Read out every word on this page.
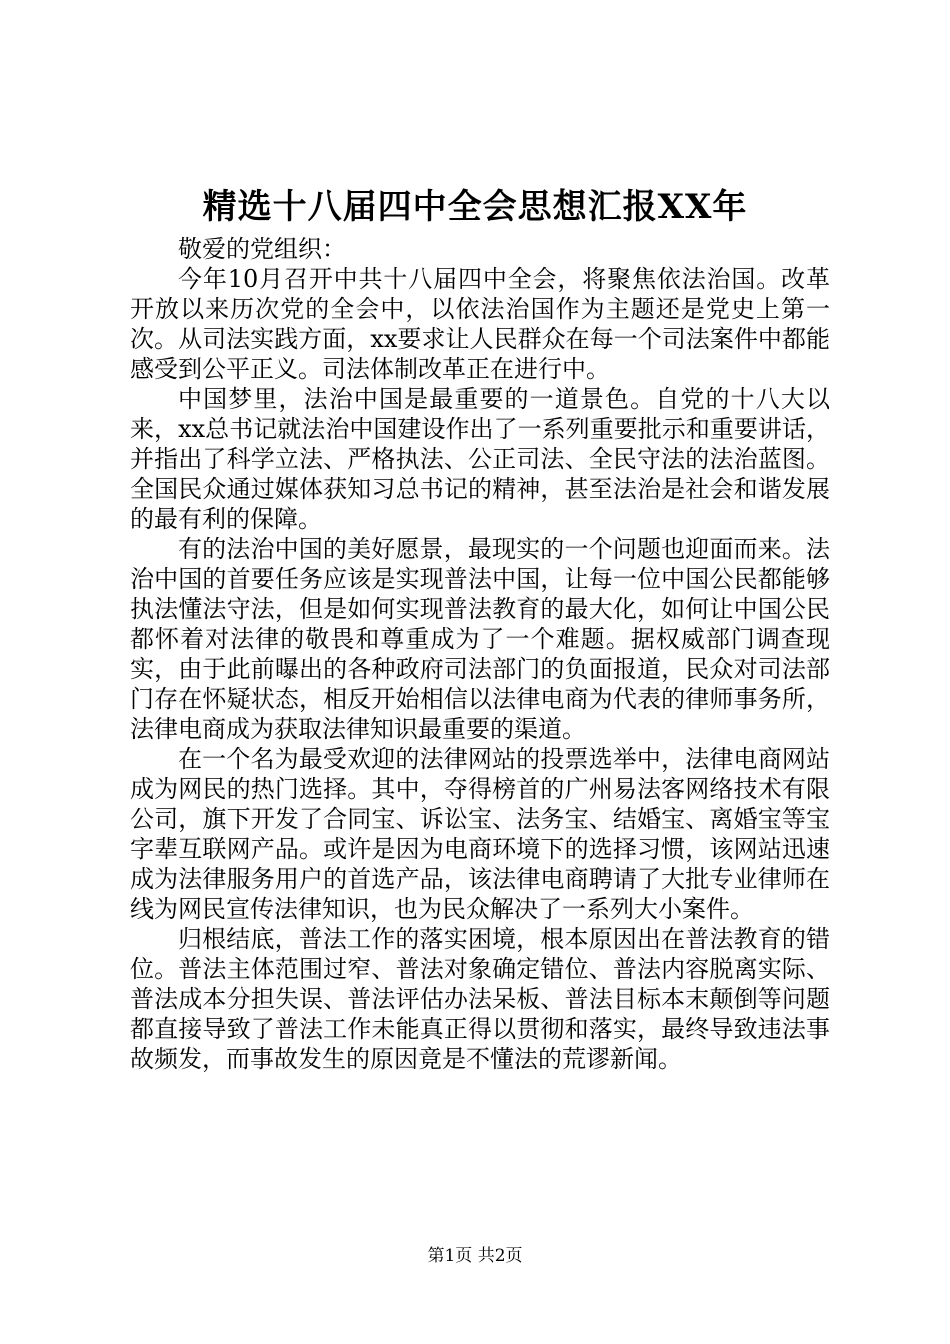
精选十八届四中全会思想汇报XX年

敬爱的党组织：

今年10月召开中共十八届四中全会，将聚焦依法治国。改革开放以来历次党的全会中，以依法治国作为主题还是党史上第一次。从司法实践方面，xx要求让人民群众在每一个司法案件中都能感受到公平正义。司法体制改革正在进行中。

中国梦里，法治中国是最重要的一道景色。自党的十八大以来，xx总书记就法治中国建设作出了一系列重要批示和重要讲话，并指出了科学立法、严格执法、公正司法、全民守法的法治蓝图。全国民众通过媒体获知习总书记的精神，甚至法治是社会和谐发展的最有利的保障。

有的法治中国的美好愿景，最现实的一个问题也迎面而来。法治中国的首要任务应该是实现普法中国，让每一位中国公民都能够执法懂法守法，但是如何实现普法教育的最大化，如何让中国公民都怀着对法律的敬畏和尊重成为了一个难题。据权威部门调查现实，由于此前曝出的各种政府司法部门的负面报道，民众对司法部门存在怀疑状态，相反开始相信以法律电商为代表的律师事务所，法律电商成为获取法律知识最重要的渠道。

在一个名为最受欢迎的法律网站的投票选举中，法律电商网站成为网民的热门选择。其中，夺得榜首的广州易法客网络技术有限公司，旗下开发了合同宝、诉讼宝、法务宝、结婚宝、离婚宝等宝字辈互联网产品。或许是因为电商环境下的选择习惯，该网站迅速成为法律服务用户的首选产品，该法律电商聘请了大批专业律师在线为网民宣传法律知识，也为民众解决了一系列大小案件。

归根结底，普法工作的落实困境，根本原因出在普法教育的错位。普法主体范围过窄、普法对象确定错位、普法内容脱离实际、普法成本分担失误、普法评估办法呆板、普法目标本末颠倒等问题都直接导致了普法工作未能真正得以贯彻和落实，最终导致违法事故频发，而事故发生的原因竟是不懂法的荒谬新闻。

第1页 共2页
